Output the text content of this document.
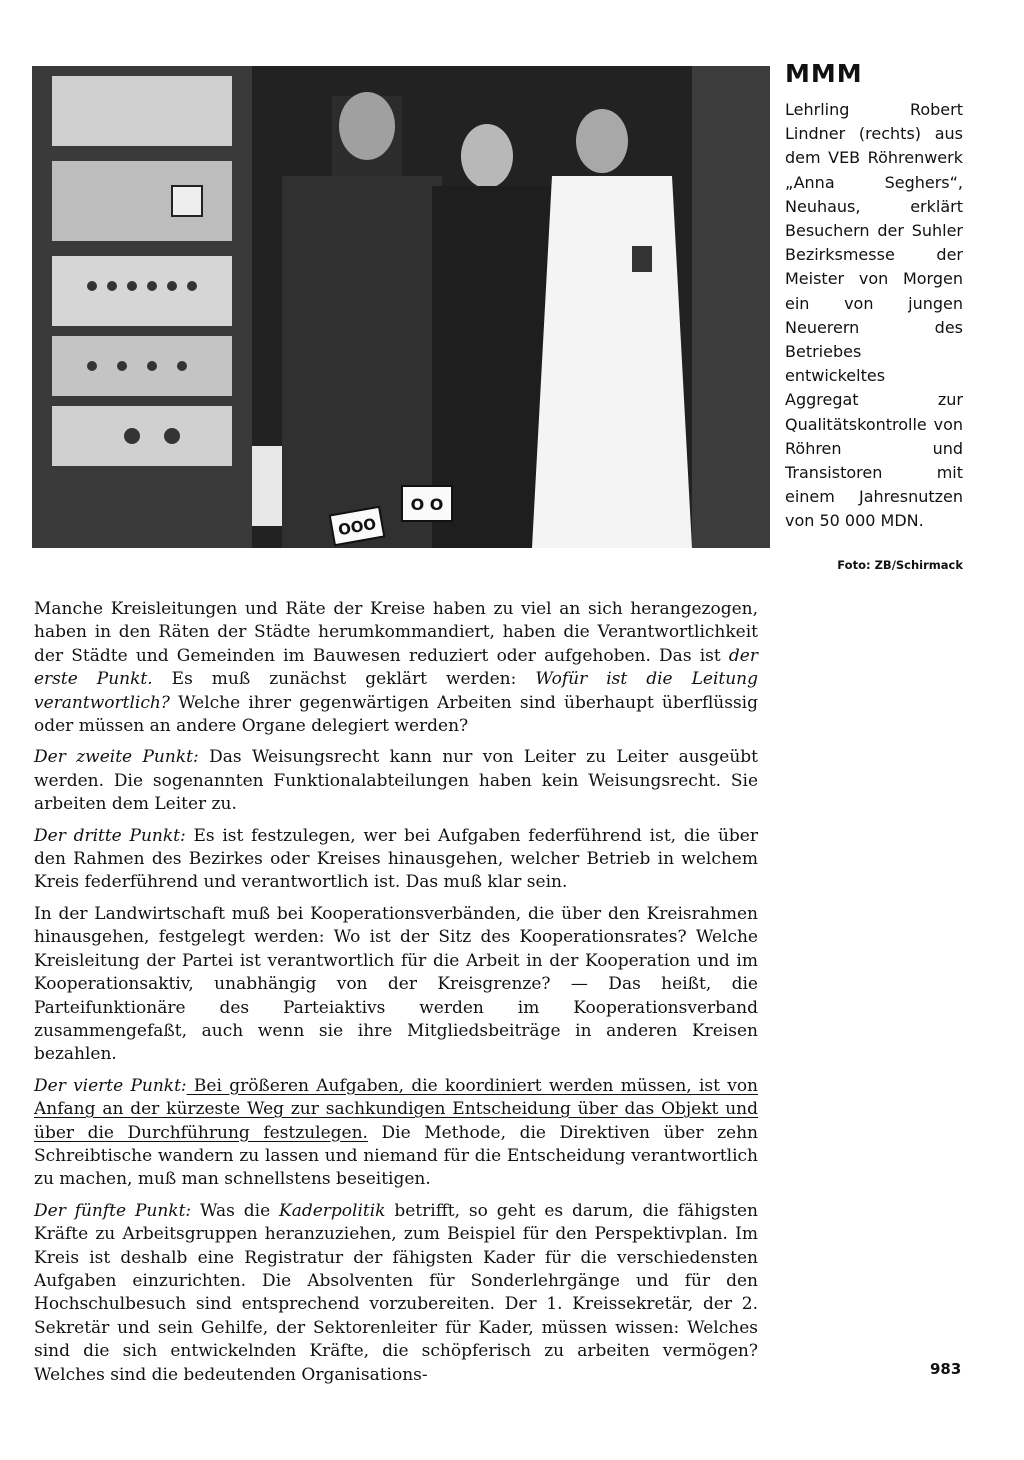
O O
OOO
MMM

Lehrling Robert Lindner (rechts) aus dem VEB Röhrenwerk „Anna Seghers“, Neuhaus, erklärt Besuchern der Suhler Bezirksmesse der Meister von Morgen ein von jungen Neuerern des Betriebes entwickeltes Aggregat zur Qualitätskontrolle von Röhren und Transistoren mit einem Jahresnutzen von 50 000 MDN.

Foto: ZB/Schirmack

Manche Kreisleitungen und Räte der Kreise haben zu viel an sich herangezogen, haben in den Räten der Städte herumkommandiert, haben die Verantwortlichkeit der Städte und Gemeinden im Bauwesen reduziert oder aufgehoben. Das ist der erste Punkt. Es muß zunächst geklärt werden: Wofür ist die Leitung verantwortlich? Welche ihrer gegenwärtigen Arbeiten sind überhaupt überflüssig oder müssen an andere Organe delegiert werden?

Der zweite Punkt: Das Weisungsrecht kann nur von Leiter zu Leiter ausgeübt werden. Die sogenannten Funktionalabteilungen haben kein Weisungsrecht. Sie arbeiten dem Leiter zu.

Der dritte Punkt: Es ist festzulegen, wer bei Aufgaben federführend ist, die über den Rahmen des Bezirkes oder Kreises hinausgehen, welcher Betrieb in welchem Kreis federführend und verantwortlich ist. Das muß klar sein.

In der Landwirtschaft muß bei Kooperationsverbänden, die über den Kreisrahmen hinausgehen, festgelegt werden: Wo ist der Sitz des Kooperationsrates? Welche Kreisleitung der Partei ist verantwortlich für die Arbeit in der Kooperation und im Kooperationsaktiv, unabhängig von der Kreisgrenze? — Das heißt, die Parteifunktionäre des Parteiaktivs werden im Kooperationsverband zusammengefaßt, auch wenn sie ihre Mitgliedsbeiträge in anderen Kreisen bezahlen.

Der vierte Punkt: Bei größeren Aufgaben, die koordiniert werden müssen, ist von Anfang an der kürzeste Weg zur sachkundigen Entscheidung über das Objekt und über die Durchführung festzulegen. Die Methode, die Direktiven über zehn Schreibtische wandern zu lassen und niemand für die Entscheidung verantwortlich zu machen, muß man schnellstens beseitigen.

Der fünfte Punkt: Was die Kaderpolitik betrifft, so geht es darum, die fähigsten Kräfte zu Arbeitsgruppen heranzuziehen, zum Beispiel für den Perspektivplan. Im Kreis ist deshalb eine Registratur der fähigsten Kader für die verschiedensten Aufgaben einzurichten. Die Absolventen für Sonderlehrgänge und für den Hochschulbesuch sind entsprechend vorzubereiten. Der 1. Kreissekretär, der 2. Sekretär und sein Gehilfe, der Sektorenleiter für Kader, müssen wissen: Welches sind die sich entwickelnden Kräfte, die schöpferisch zu arbeiten vermögen? Welches sind die bedeutenden Organisations-	983
